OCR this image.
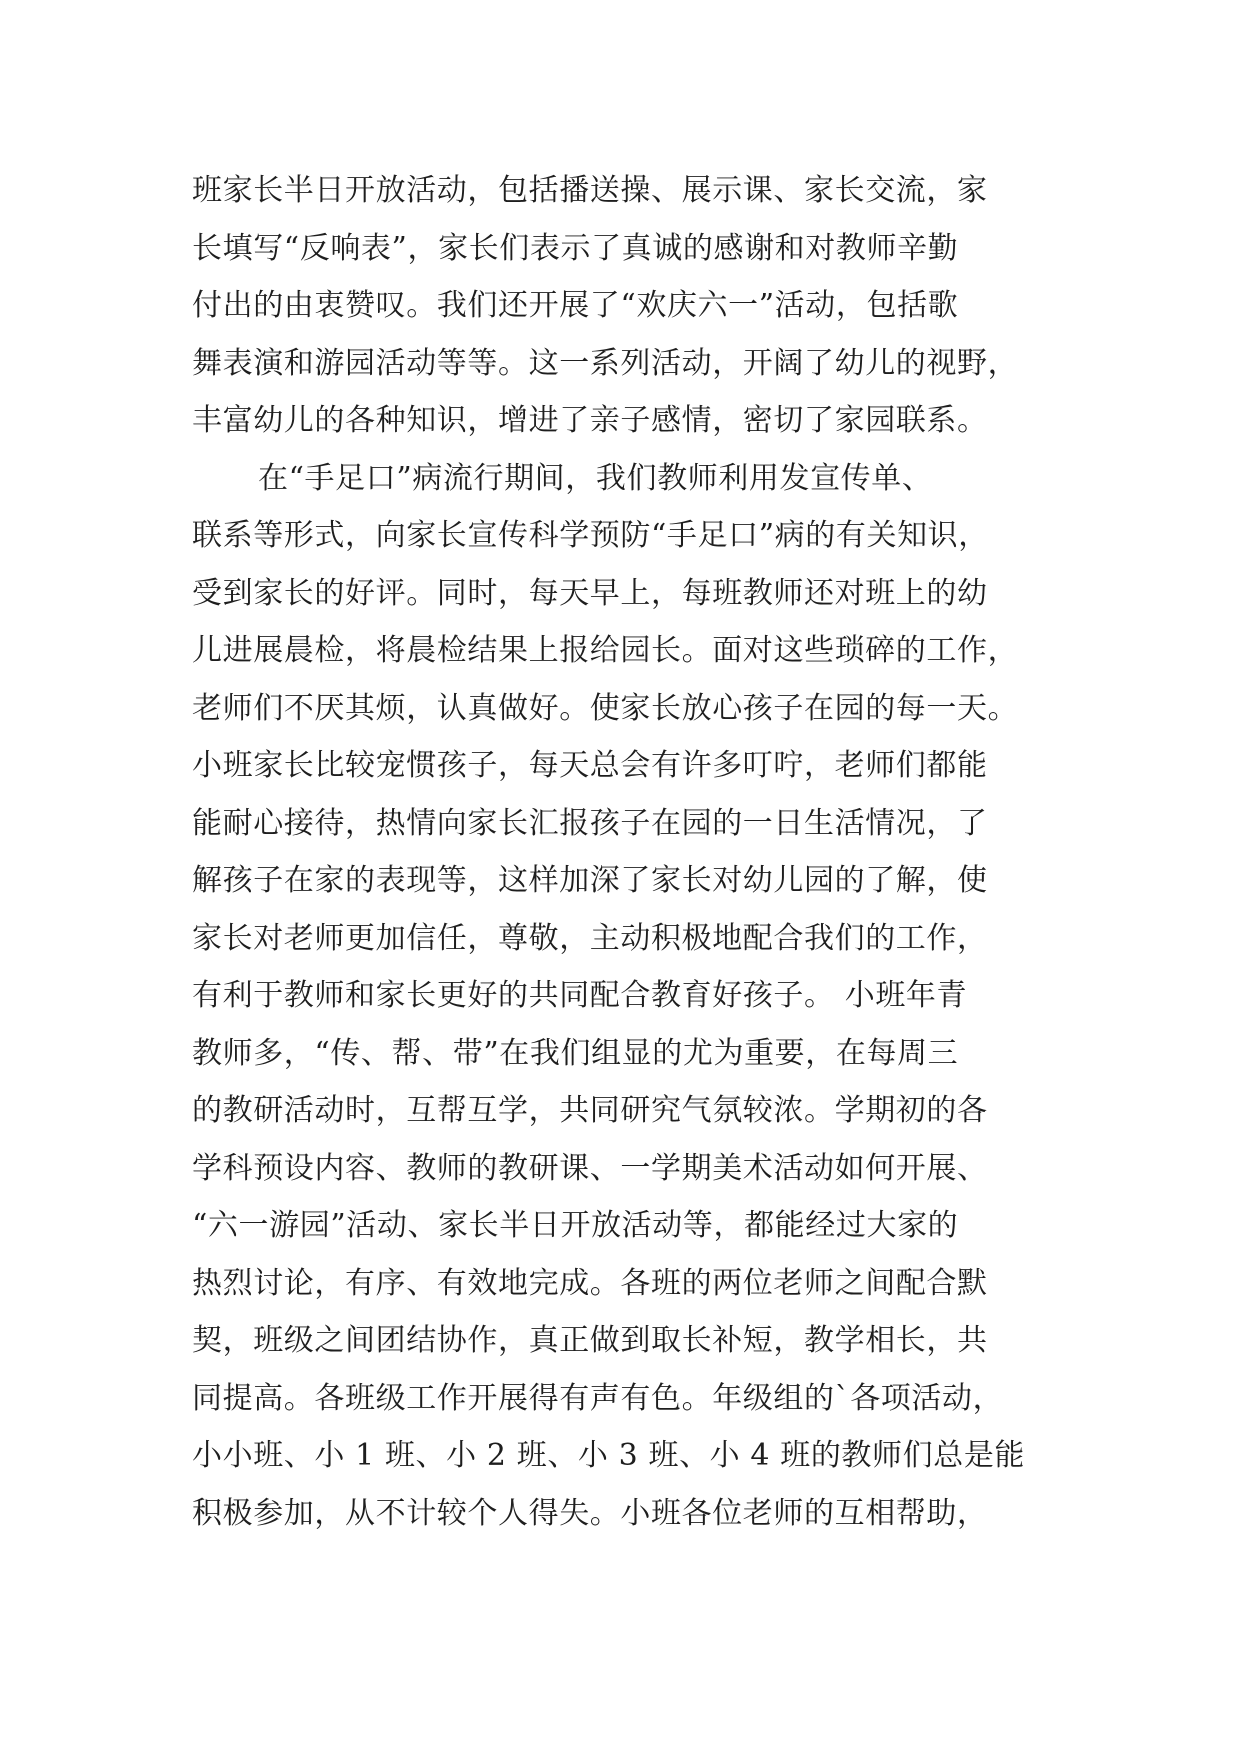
班家长半日开放活动，包括播送操、展示课、家长交流，家
长填写“反响表”，家长们表示了真诚的感谢和对教师辛勤
付出的由衷赞叹。我们还开展了“欢庆六一”活动，包括歌
舞表演和游园活动等等。这一系列活动，开阔了幼儿的视野，
丰富幼儿的各种知识，增进了亲子感情，密切了家园联系。
在“手足口”病流行期间，我们教师利用发宣传单、
联系等形式，向家长宣传科学预防“手足口”病的有关知识，
受到家长的好评。同时，每天早上，每班教师还对班上的幼
儿进展晨检，将晨检结果上报给园长。面对这些琐碎的工作，
老师们不厌其烦，认真做好。使家长放心孩子在园的每一天。
小班家长比较宠惯孩子，每天总会有许多叮咛，老师们都能
能耐心接待，热情向家长汇报孩子在园的一日生活情况，了
解孩子在家的表现等，这样加深了家长对幼儿园的了解，使
家长对老师更加信任，尊敬，主动积极地配合我们的工作，
有利于教师和家长更好的共同配合教育好孩子。 小班年青
教师多，“传、帮、带”在我们组显的尤为重要，在每周三
的教研活动时，互帮互学，共同研究气氛较浓。学期初的各
学科预设内容、教师的教研课、一学期美术活动如何开展、
“六一游园”活动、家长半日开放活动等，都能经过大家的
热烈讨论，有序、有效地完成。各班的两位老师之间配合默
契，班级之间团结协作，真正做到取长补短，教学相长，共
同提高。各班级工作开展得有声有色。年级组的`各项活动，
小小班、小 1 班、小 2 班、小 3 班、小 4 班的教师们总是能
积极参加，从不计较个人得失。小班各位老师的互相帮助，
